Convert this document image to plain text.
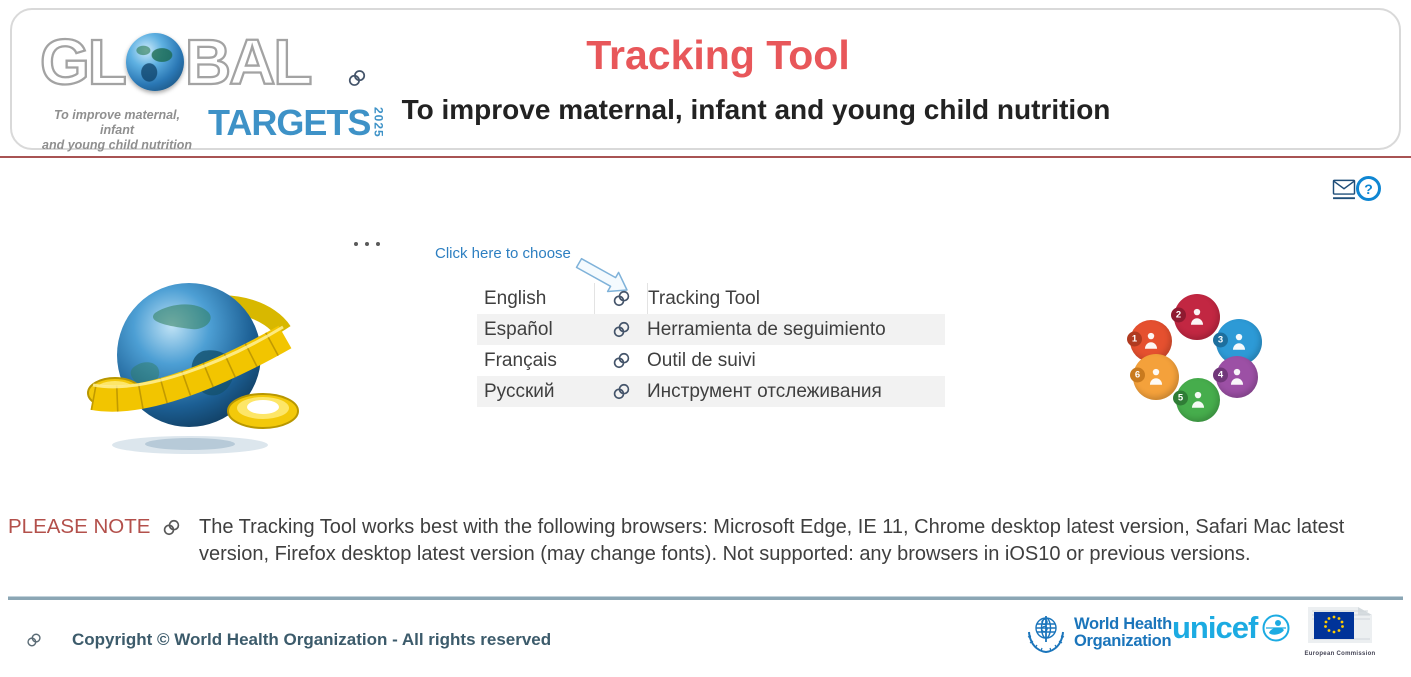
GL BAL
To improve maternal, infant
and young child nutrition
TARGETS 2025
Tracking Tool
To improve maternal, infant and young child nutrition
?
Click here to choose
English	Tracking Tool
Español	Herramienta de seguimiento
Français	Outil de suivi
Русский	Инструмент отслеживания
1
2
3
4
5
6
PLEASE NOTE The Tracking Tool works best with the following browsers: Microsoft Edge, IE 11, Chrome desktop latest version, Safari Mac latest version, Firefox desktop latest version (may change fonts). Not supported: any browsers in iOS10 or previous versions.
Copyright © World Health Organization - All rights reserved
World Health
Organization unicef
European Commission
